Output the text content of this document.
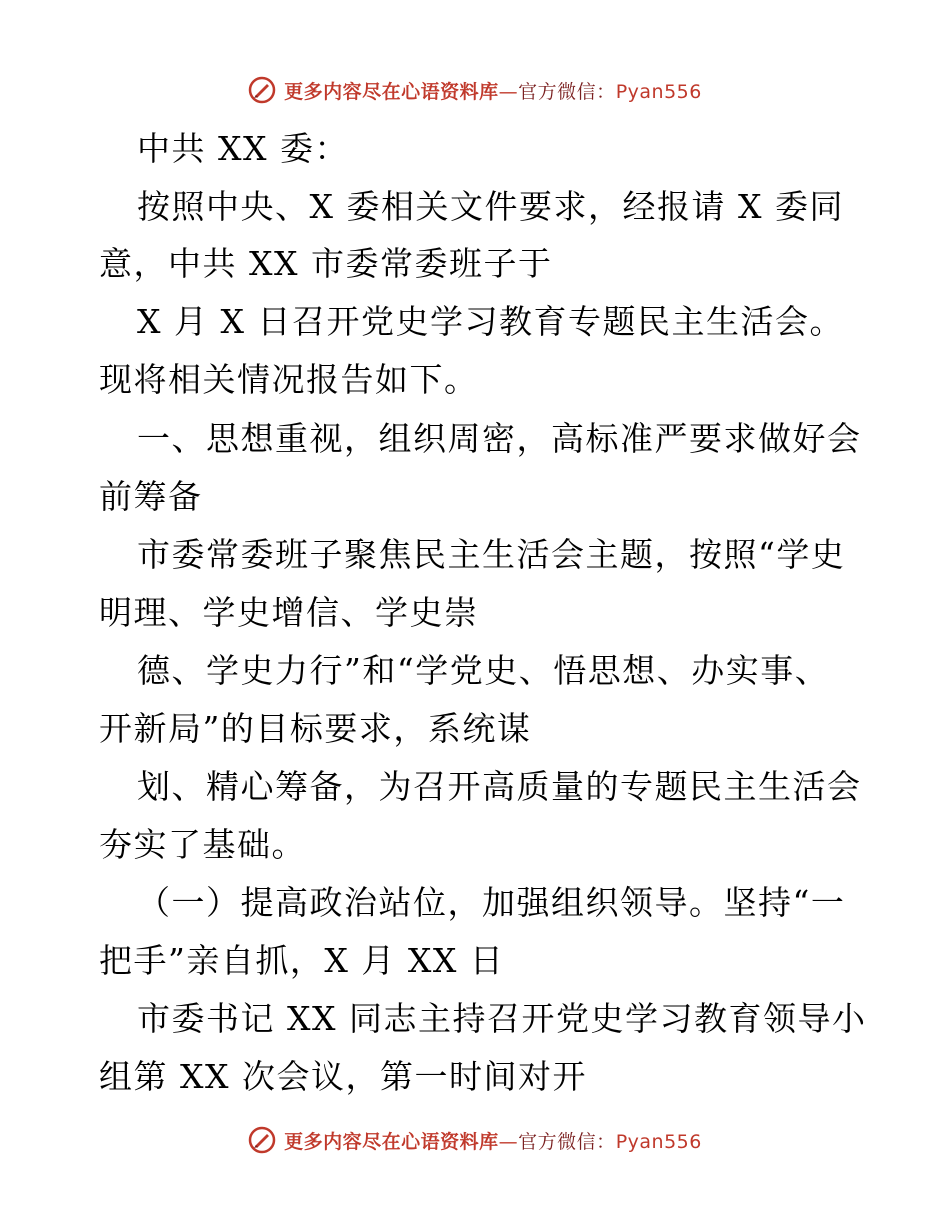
更多内容尽在心语资料库—官方微信：Pyan556
中共 XX 委：
按照中央、X 委相关文件要求，经报请 X 委同
意，中共 XX 市委常委班子于
X 月 X 日召开党史学习教育专题民主生活会。
现将相关情况报告如下。
一、思想重视，组织周密，高标准严要求做好会
前筹备
市委常委班子聚焦民主生活会主题，按照“学史
明理、学史增信、学史崇
德、学史力行”和“学党史、悟思想、办实事、
开新局”的目标要求，系统谋
划、精心筹备，为召开高质量的专题民主生活会
夯实了基础。
（一）提高政治站位，加强组织领导。坚持“一
把手”亲自抓，X 月 XX 日
市委书记 XX 同志主持召开党史学习教育领导小
组第 XX 次会议，第一时间对开
更多内容尽在心语资料库—官方微信：Pyan556
